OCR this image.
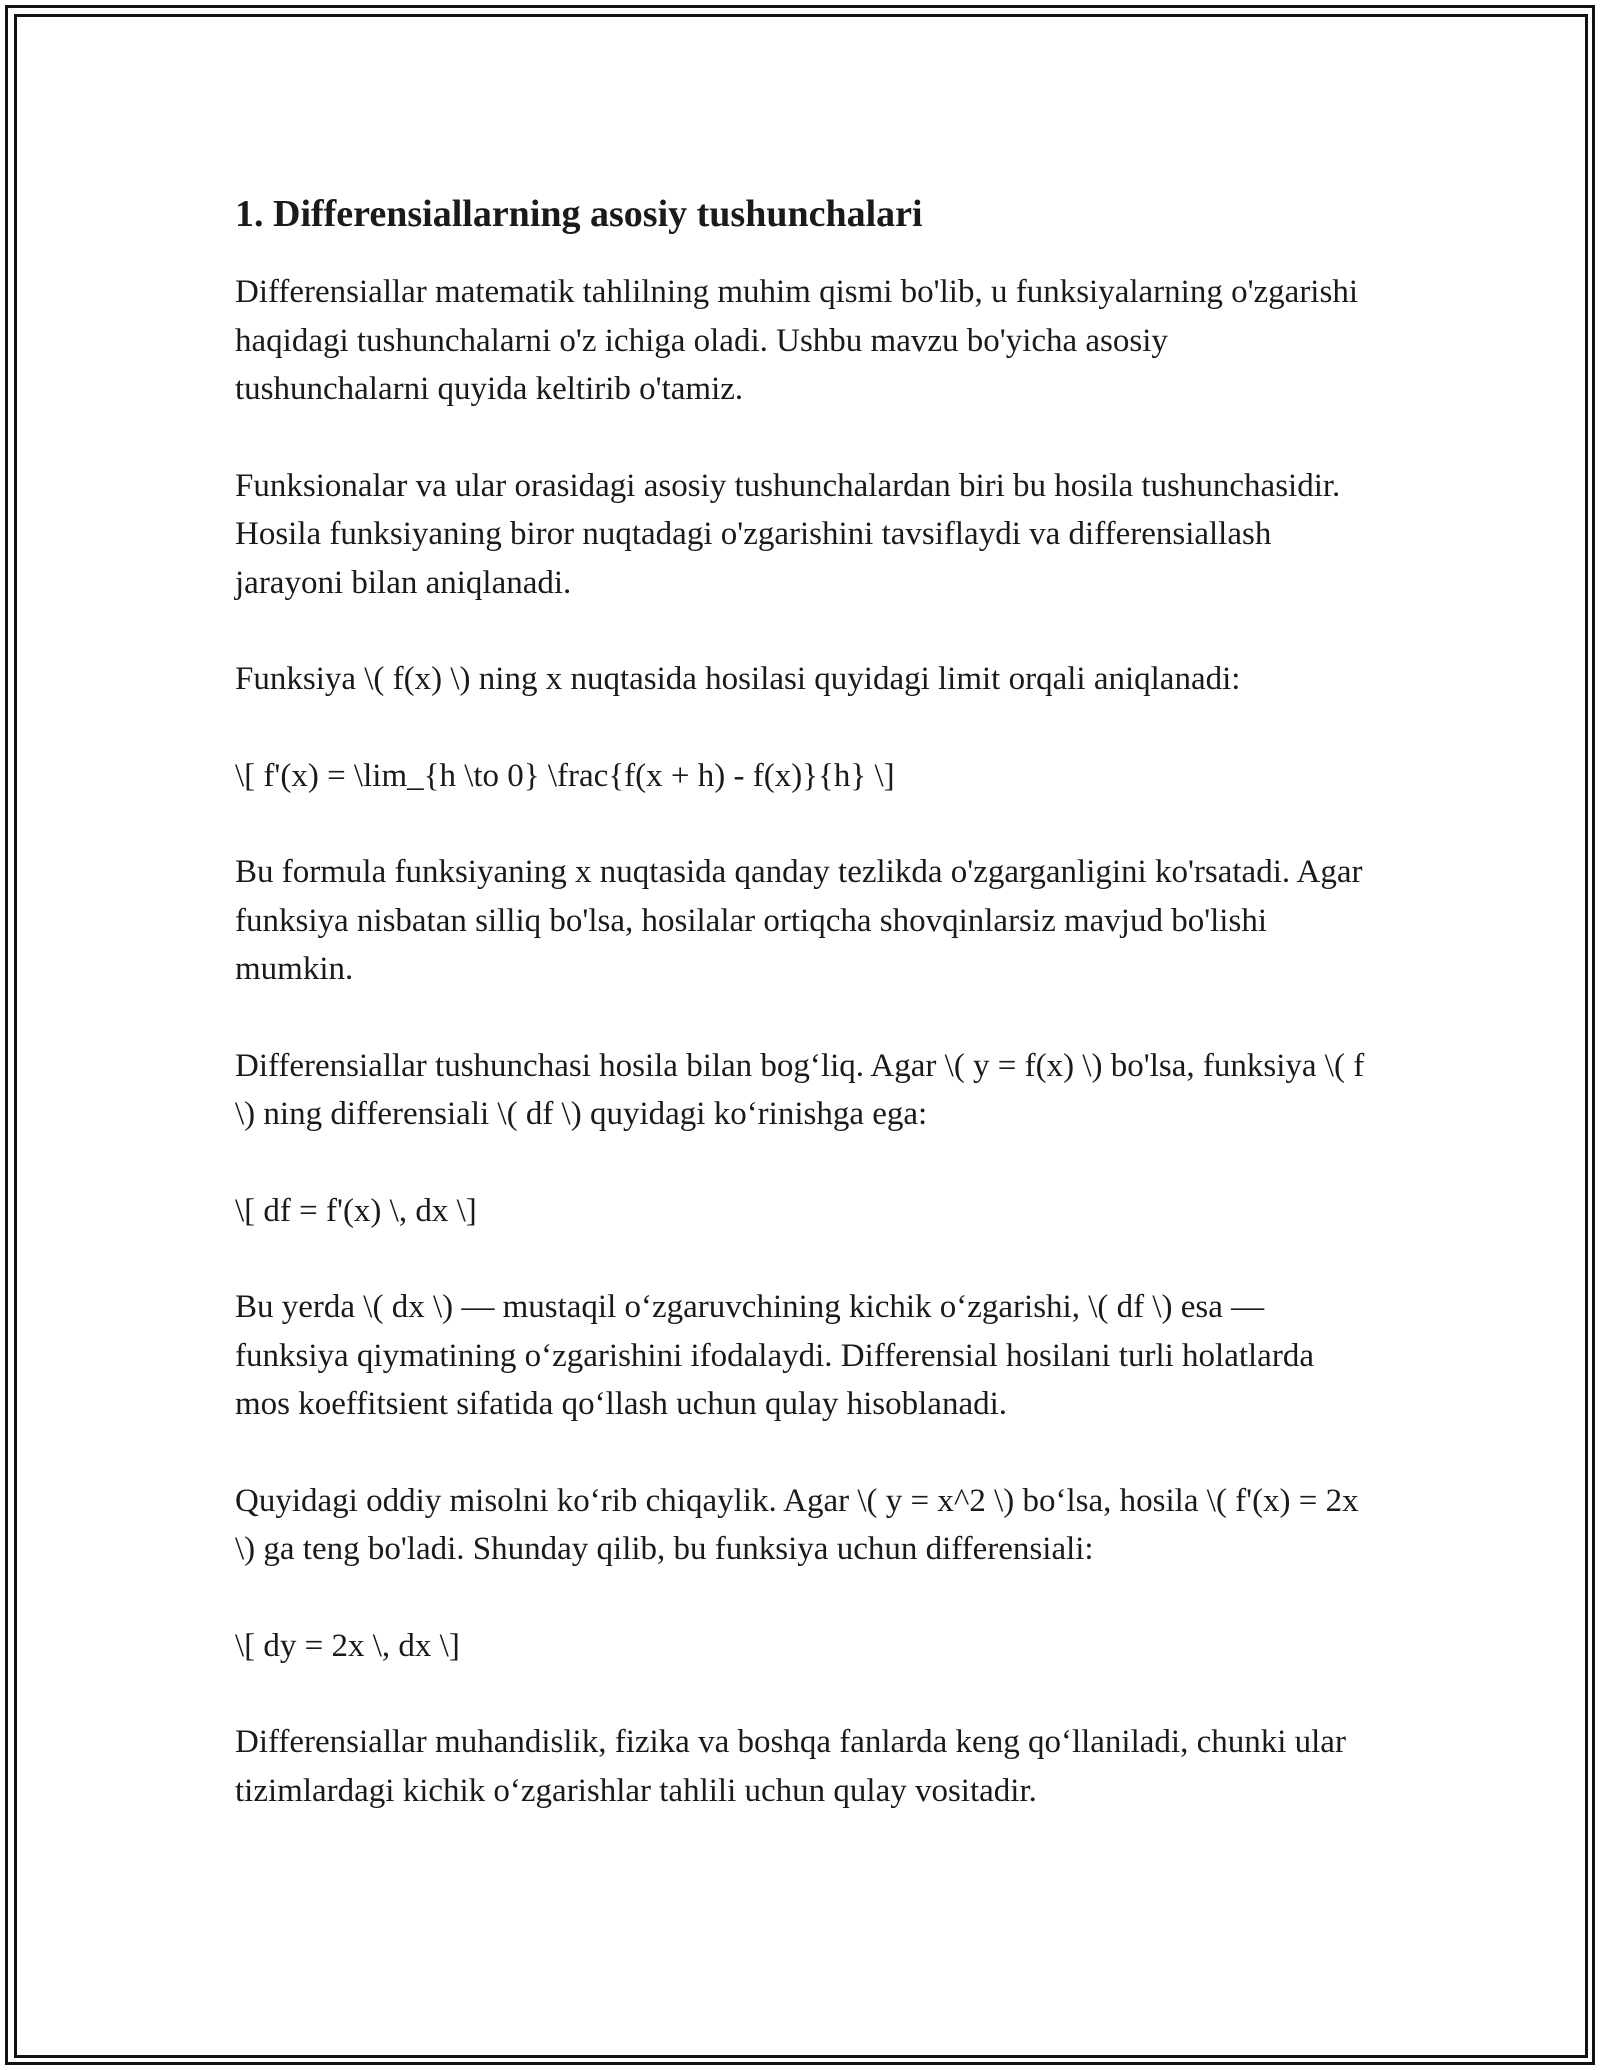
1. Differensiallarning asosiy tushunchalari

Differensiallar matematik tahlilning muhim qismi bo'lib, u funksiyalarning o'zgarishi haqidagi tushunchalarni o'z ichiga oladi. Ushbu mavzu bo'yicha asosiy tushunchalarni quyida keltirib o'tamiz.

Funksionalar va ular orasidagi asosiy tushunchalardan biri bu hosila tushunchasidir. Hosila funksiyaning biror nuqtadagi o'zgarishini tavsiflaydi va differensiallash jarayoni bilan aniqlanadi.

Funksiya \( f(x) \) ning x nuqtasida hosilasi quyidagi limit orqali aniqlanadi:

\[ f'(x) = \lim_{h \to 0} \frac{f(x + h) - f(x)}{h} \]

Bu formula funksiyaning x nuqtasida qanday tezlikda o'zgarganligini ko'rsatadi. Agar funksiya nisbatan silliq bo'lsa, hosilalar ortiqcha shovqinlarsiz mavjud bo'lishi mumkin.

Differensiallar tushunchasi hosila bilan bog‘liq. Agar \( y = f(x) \) bo'lsa, funksiya \( f \) ning differensiali \( df \) quyidagi ko‘rinishga ega:

\[ df = f'(x) \, dx \]

Bu yerda \( dx \) — mustaqil o‘zgaruvchining kichik o‘zgarishi, \( df \) esa — funksiya qiymatining o‘zgarishini ifodalaydi. Differensial hosilani turli holatlarda mos koeffitsient sifatida qo‘llash uchun qulay hisoblanadi.

Quyidagi oddiy misolni ko‘rib chiqaylik. Agar \( y = x^2 \) bo‘lsa, hosila \( f'(x) = 2x \) ga teng bo'ladi. Shunday qilib, bu funksiya uchun differensiali:

\[ dy = 2x \, dx \]

Differensiallar muhandislik, fizika va boshqa fanlarda keng qo‘llaniladi, chunki ular tizimlardagi kichik o‘zgarishlar tahlili uchun qulay vositadir.
